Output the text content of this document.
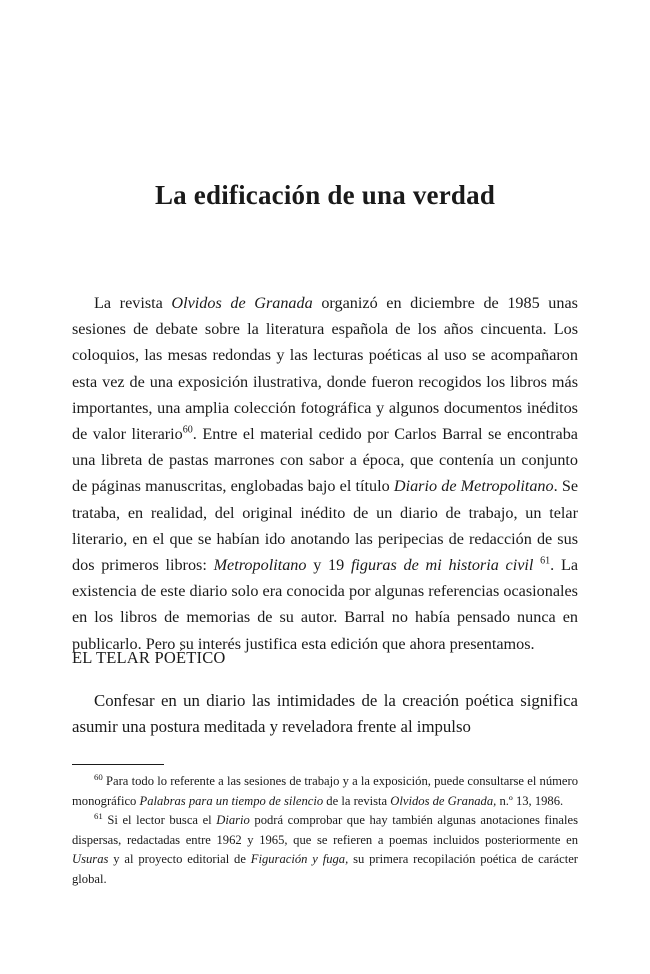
La edificación de una verdad

La revista Olvidos de Granada organizó en diciembre de 1985 unas sesiones de debate sobre la literatura española de los años cincuenta. Los coloquios, las mesas redondas y las lecturas poéticas al uso se acompañaron esta vez de una exposición ilustrativa, donde fueron recogidos los libros más importantes, una amplia colección fotográfica y algunos documentos inéditos de valor literario$^{60}$. Entre el material cedido por Carlos Barral se encontraba una libreta de pastas marrones con sabor a época, que contenía un conjunto de páginas manuscritas, englobadas bajo el título Diario de Metropolitano. Se trataba, en realidad, del original inédito de un diario de trabajo, un telar literario, en el que se habían ido anotando las peripecias de redacción de sus dos primeros libros: Metropolitano y 19 figuras de mi historia civil $^{61}$. La existencia de este diario solo era conocida por algunas referencias ocasionales en los libros de memorias de su autor. Barral no había pensado nunca en publicarlo. Pero su interés justifica esta edición que ahora presentamos.

EL TELAR POÉTICO

Confesar en un diario las intimidades de la creación poética significa asumir una postura meditada y reveladora frente al impulso

$^{60}$ Para todo lo referente a las sesiones de trabajo y a la exposición, puede consultarse el número monográfico Palabras para un tiempo de silencio de la revista Olvidos de Granada, n.º 13, 1986.

$^{61}$ Si el lector busca el Diario podrá comprobar que hay también algunas anotaciones finales dispersas, redactadas entre 1962 y 1965, que se refieren a poemas incluidos posteriormente en Usuras y al proyecto editorial de Figuración y fuga, su primera recopilación poética de carácter global.
